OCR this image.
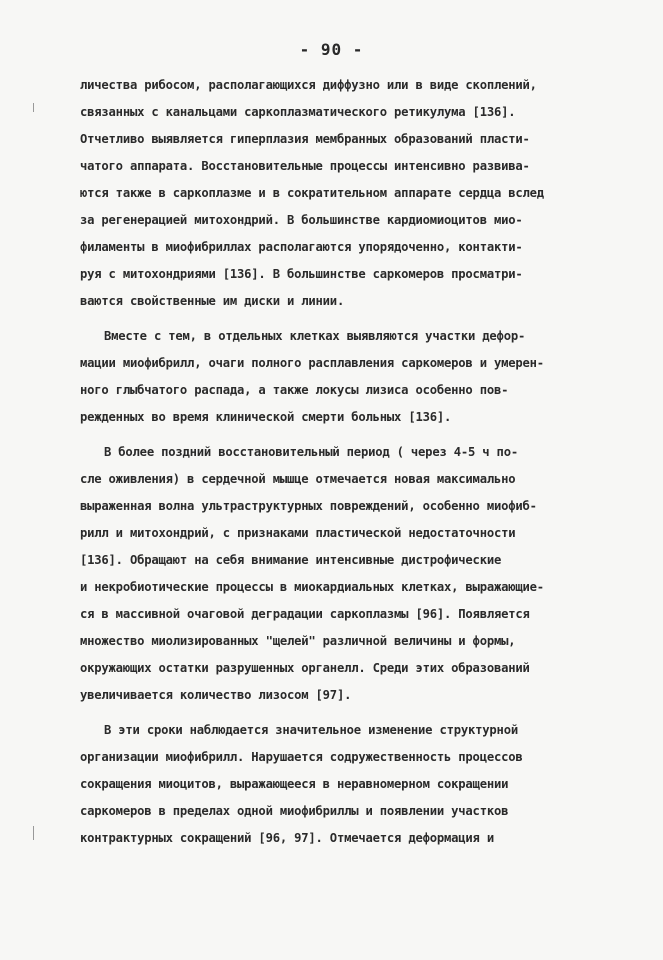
- 90 -
личества рибосом, располагающихся диффузно или в виде скоплений,
связанных с канальцами саркоплазматического ретикулума [136].
Отчетливо выявляется гиперплазия мембранных образований пласти-
чатого аппарата. Восстановительные процессы интенсивно развива-
ются также в саркоплазме и в сократительном аппарате сердца вслед
за регенерацией митохондрий. В большинстве кардиомиоцитов мио-
филаменты в миофибриллах располагаются упорядоченно, контакти-
руя с митохондриями [136]. В большинстве саркомеров просматри-
ваются свойственные им диски и линии.
Вместе с тем, в отдельных клетках выявляются участки дефор-
мации миофибрилл, очаги полного расплавления саркомеров и умерен-
ного глыбчатого распада, а также локусы лизиса особенно пов-
режденных во время клинической смерти больных [136].
В более поздний восстановительный период ( через 4-5 ч по-
сле оживления) в сердечной мышце отмечается новая максимально
выраженная волна ультраструктурных повреждений, особенно миофиб-
рилл и митохондрий, с признаками пластической недостаточности
[136]. Обращают на себя внимание интенсивные дистрофические
и некробиотические процессы в миокардиальных клетках, выражающие-
ся в массивной очаговой деградации саркоплазмы [96]. Появляется
множество миолизированных "щелей" различной величины и формы,
окружающих остатки разрушенных органелл. Среди этих образований
увеличивается количество лизосом [97].
В эти сроки наблюдается значительное изменение структурной
организации миофибрилл. Нарушается содружественность процессов
сокращения миоцитов, выражающееся в неравномерном сокращении
саркомеров в пределах одной миофибриллы и появлении участков
контрактурных сокращений [96, 97]. Отмечается деформация и
